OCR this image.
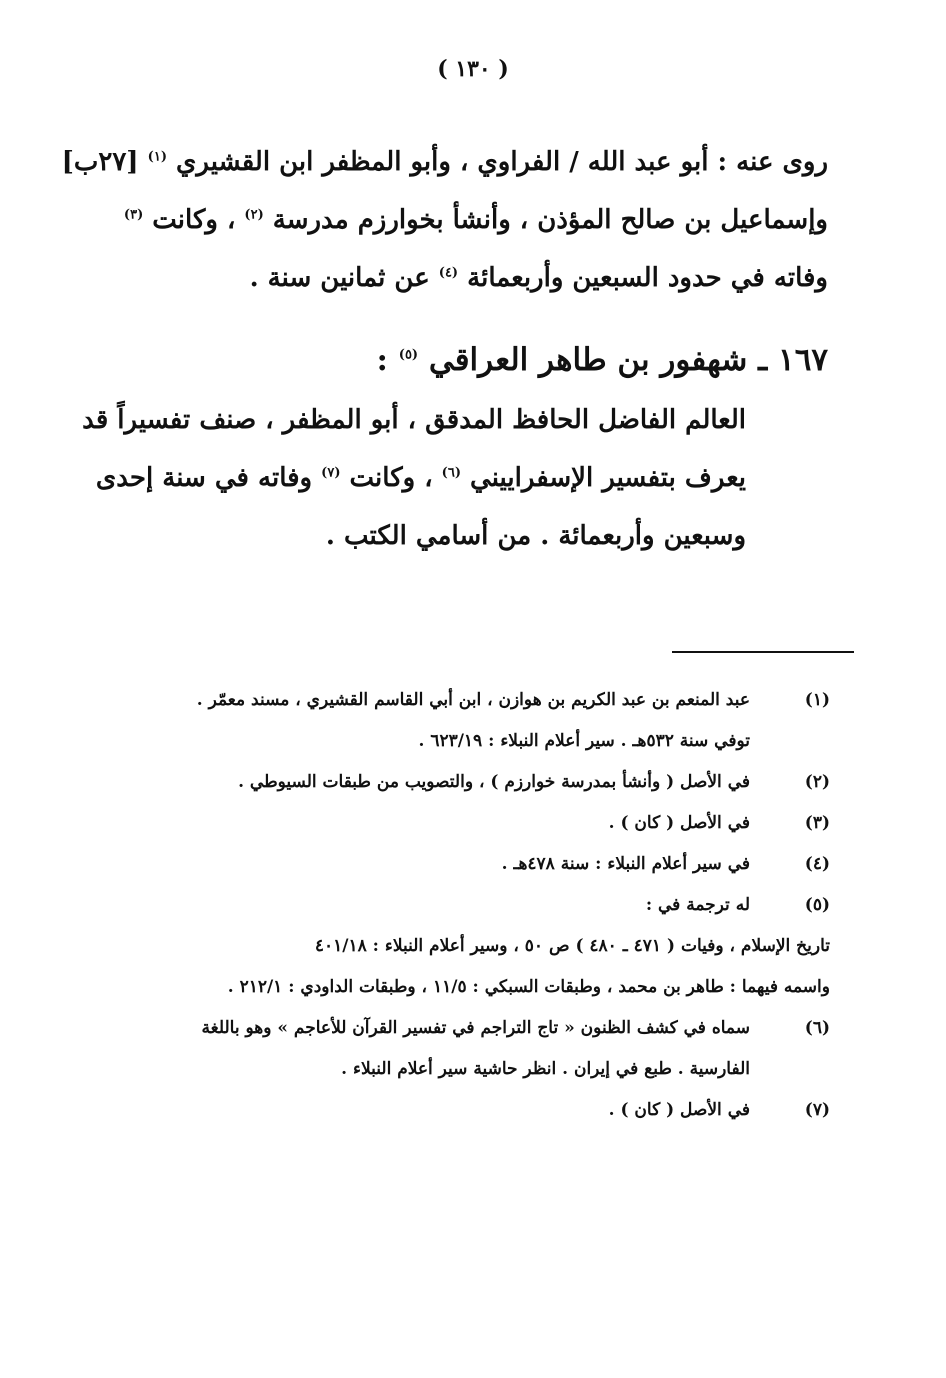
( ١٣٠ )
روى عنه : أبو عبد الله / الفراوي ، وأبو المظفر ابن القشيري $^{(١)}$ [٢٧ب]
وإسماعيل بن صالح المؤذن ، وأنشأ بخوارزم مدرسة $^{(٢)}$ ، وكانت $^{(٣)}$
وفاته في حدود السبعين وأربعمائة $^{(٤)}$ عن ثمانين سنة .
١٦٧ ـ شهفور بن طاهر العراقي $^{(٥)}$ :
العالم الفاضل الحافظ المدقق ، أبو المظفر ، صنف تفسيراً قد
يعرف بتفسير الإسفراييني $^{(٦)}$ ، وكانت $^{(٧)}$ وفاته في سنة إحدى
وسبعين وأربعمائة . من أسامي الكتب .
(١)
عبد المنعم بن عبد الكريم بن هوازن ، ابن أبي القاسم القشيري ، مسند معمّر .
توفي سنة ٥٣٢هـ . سير أعلام النبلاء : ٦٢٣/١٩ .
(٢)
في الأصل ( وأنشأ بمدرسة خوارزم ) ، والتصويب من طبقات السيوطي .
(٣)
في الأصل ( كان ) .
(٤)
في سير أعلام النبلاء : سنة ٤٧٨هـ .
(٥)
له ترجمة في :
تاريخ الإسلام ، وفيات ( ٤٧١ ـ ٤٨٠ ) ص ٥٠ ، وسير أعلام النبلاء : ٤٠١/١٨
واسمه فيهما : طاهر بن محمد ، وطبقات السبكي : ١١/٥ ، وطبقات الداودي : ٢١٢/١ .
(٦)
سماه في كشف الظنون « تاج التراجم في تفسير القرآن للأعاجم » وهو باللغة
الفارسية . طبع في إيران . انظر حاشية سير أعلام النبلاء .
(٧)
في الأصل ( كان ) .
